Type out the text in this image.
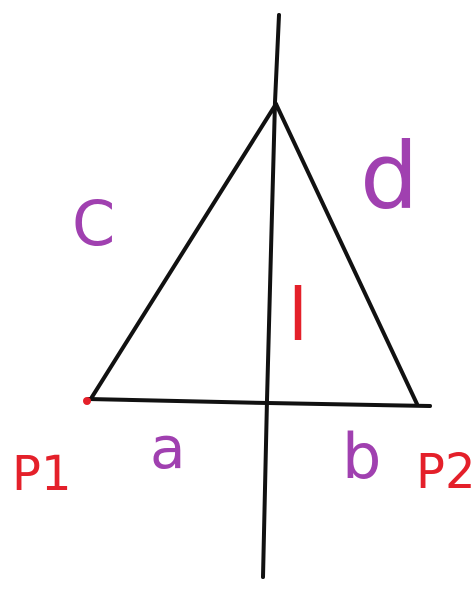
C	d
l
a	b
P1	P2
